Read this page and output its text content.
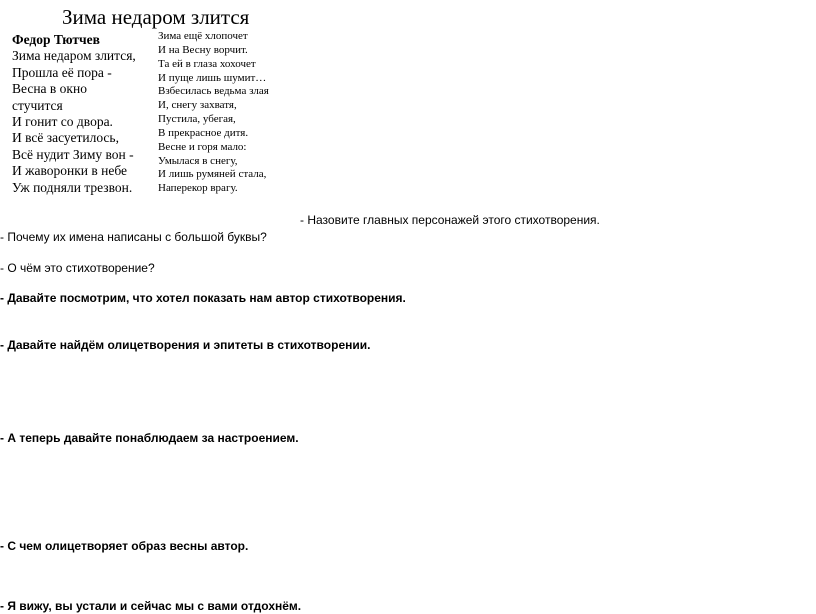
Зима недаром злится
Федор Тютчев
Зима недаром злится,
Прошла её пора -
Весна в окно
стучится
И гонит со двора.
И всё засуетилось,
Всё нудит Зиму вон -
И жаворонки в небе
Уж подняли трезвон.
Зима ещё хлопочет
И на Весну ворчит.
Та ей в глаза хохочет
И пуще лишь шумит…
Взбесилась ведьма злая
И, снегу захватя,
Пустила, убегая,
В прекрасное дитя.
Весне и горя мало:
Умылася в снегу,
И лишь румяней стала,
Наперекор врагу.
- Назовите главных персонажей этого стихотворения.
- Почему их имена написаны с большой буквы?
- О чём это стихотворение?
- Давайте посмотрим, что хотел показать нам автор стихотворения.
- Давайте найдём олицетворения и эпитеты в стихотворении.
- А теперь давайте понаблюдаем за настроением.
- С чем олицетворяет образ весны автор.
- Я вижу, вы устали и сейчас мы с вами отдохнём.
